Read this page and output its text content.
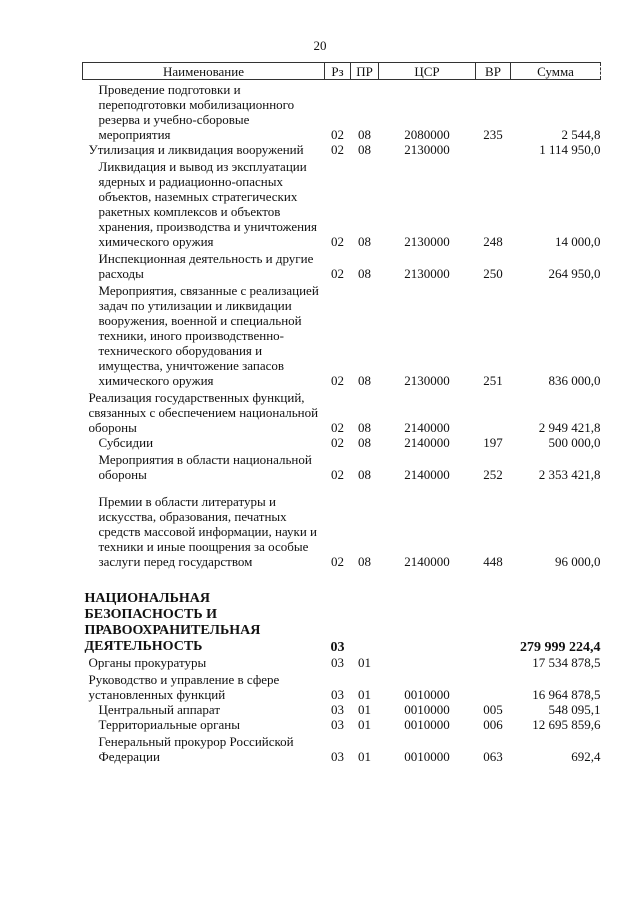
20
Наименование	Рз	ПР	ЦСР	ВР	Сумма
Проведение подготовки и переподготовки мобилизационного резерва и учебно-сборовые мероприятия	02	08	2080000	235	2 544,8
Утилизация и ликвидация вооружений	02	08	2130000		1 114 950,0
Ликвидация и вывод из эксплуатации ядерных и радиационно-опасных объектов, наземных стратегических ракетных комплексов и объектов хранения, производства и уничтожения химического оружия	02	08	2130000	248	14 000,0
Инспекционная деятельность и другие расходы	02	08	2130000	250	264 950,0
Мероприятия, связанные с реализацией задач по утилизации и ликвидации вооружения, военной и специальной техники, иного производственно-технического оборудования и имущества, уничтожение запасов химического оружия	02	08	2130000	251	836 000,0
Реализация государственных функций, связанных с обеспечением национальной обороны	02	08	2140000		2 949 421,8
Субсидии	02	08	2140000	197	500 000,0
Мероприятия в области национальной обороны	02	08	2140000	252	2 353 421,8

Премии в области литературы и искусства, образования, печатных средств массовой информации, науки и техники и иные поощрения за особые заслуги перед государством	02	08	2140000	448	96 000,0

НАЦИОНАЛЬНАЯ БЕЗОПАСНОСТЬ И ПРАВООХРАНИТЕЛЬНАЯ ДЕЯТЕЛЬНОСТЬ	03				279 999 224,4
Органы прокуратуры	03	01			17 534 878,5
Руководство и управление в сфере установленных функций	03	01	0010000		16 964 878,5
Центральный аппарат	03	01	0010000	005	548 095,1
Территориальные органы	03	01	0010000	006	12 695 859,6
Генеральный прокурор Российской Федерации	03	01	0010000	063	692,4
